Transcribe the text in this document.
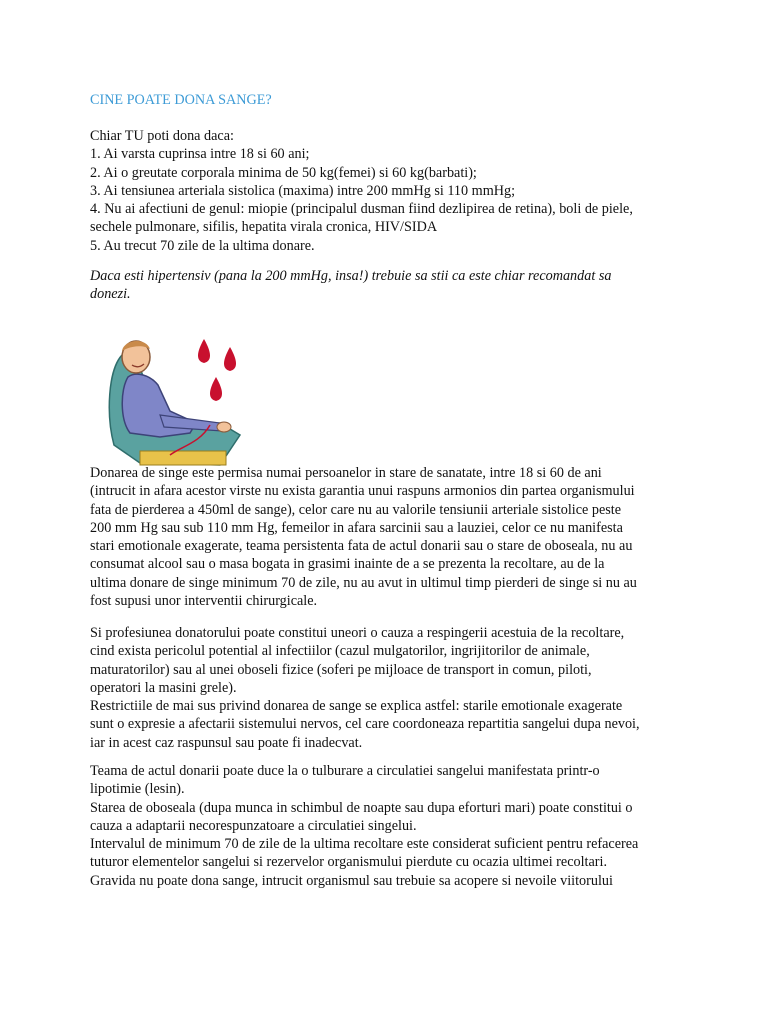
CINE POATE DONA SANGE?
Chiar TU poti dona daca:
1. Ai varsta cuprinsa intre 18 si 60 ani;
2. Ai o greutate corporala minima de 50 kg(femei) si 60 kg(barbati);
3. Ai tensiunea arteriala sistolica (maxima) intre 200 mmHg si 110 mmHg;
4. Nu ai afectiuni de genul: miopie (principalul dusman fiind dezlipirea de retina), boli de piele,
sechele pulmonare, sifilis, hepatita virala cronica, HIV/SIDA
5. Au trecut 70 zile de la ultima donare.
Daca esti hipertensiv (pana la 200 mmHg, insa!) trebuie sa stii ca este chiar recomandat sa
donezi.
Donarea de singe este permisa numai persoanelor in stare de sanatate, intre 18 si 60 de ani
(intrucit in afara acestor virste nu exista garantia unui raspuns armonios din partea organismului
fata de pierderea a 450ml de sange), celor care nu au valorile tensiunii arteriale sistolice peste
200 mm Hg sau sub 110 mm Hg, femeilor in afara sarcinii sau a lauziei, celor ce nu manifesta
stari emotionale exagerate, teama persistenta fata de actul donarii sau o stare de oboseala, nu au
consumat alcool sau o masa bogata in grasimi inainte de a se prezenta la recoltare, au de la
ultima donare de singe minimum 70 de zile, nu au avut in ultimul timp pierderi de singe si nu au
fost supusi unor interventii chirurgicale.
Si profesiunea donatorului poate constitui uneori o cauza a respingerii acestuia de la recoltare,
cind exista pericolul potential al infectiilor (cazul mulgatorilor, ingrijitorilor de animale,
maturatorilor) sau al unei oboseli fizice (soferi pe mijloace de transport in comun, piloti,
operatori la masini grele).
Restrictiile de mai sus privind donarea de sange se explica astfel: starile emotionale exagerate
sunt o expresie a afectarii sistemului nervos, cel care coordoneaza repartitia sangelui dupa nevoi,
iar in acest caz raspunsul sau poate fi inadecvat.
Teama de actul donarii poate duce la o tulburare a circulatiei sangelui manifestata printr-o
lipotimie (lesin).
Starea de oboseala (dupa munca in schimbul de noapte sau dupa eforturi mari) poate constitui o
cauza a adaptarii necorespunzatoare a circulatiei singelui.
Intervalul de minimum 70 de zile de la ultima recoltare este considerat suficient pentru refacerea
tuturor elementelor sangelui si rezervelor organismului pierdute cu ocazia ultimei recoltari.
Gravida nu poate dona sange, intrucit organismul sau trebuie sa acopere si nevoile viitorului
